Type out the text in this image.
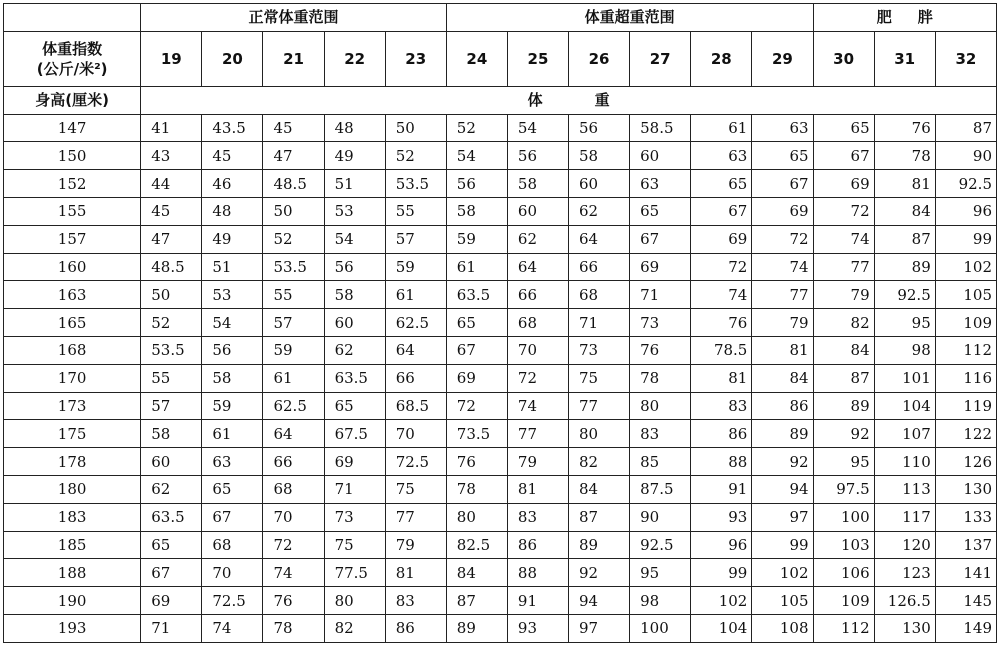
	正常体重范围					体重超重范围						肥胖		

体重指数
(公斤/米²)	19	20	21	22	23	24	25	26	27	28	29	30	31	32
身高(厘米)	体重													
147	41	43.5	45	48	50	52	54	56	58.5	61	63	65	76	87
150	43	45	47	49	52	54	56	58	60	63	65	67	78	90
152	44	46	48.5	51	53.5	56	58	60	63	65	67	69	81	92.5
155	45	48	50	53	55	58	60	62	65	67	69	72	84	96
157	47	49	52	54	57	59	62	64	67	69	72	74	87	99
160	48.5	51	53.5	56	59	61	64	66	69	72	74	77	89	102
163	50	53	55	58	61	63.5	66	68	71	74	77	79	92.5	105
165	52	54	57	60	62.5	65	68	71	73	76	79	82	95	109
168	53.5	56	59	62	64	67	70	73	76	78.5	81	84	98	112
170	55	58	61	63.5	66	69	72	75	78	81	84	87	101	116
173	57	59	62.5	65	68.5	72	74	77	80	83	86	89	104	119
175	58	61	64	67.5	70	73.5	77	80	83	86	89	92	107	122
178	60	63	66	69	72.5	76	79	82	85	88	92	95	110	126
180	62	65	68	71	75	78	81	84	87.5	91	94	97.5	113	130
183	63.5	67	70	73	77	80	83	87	90	93	97	100	117	133
185	65	68	72	75	79	82.5	86	89	92.5	96	99	103	120	137
188	67	70	74	77.5	81	84	88	92	95	99	102	106	123	141
190	69	72.5	76	80	83	87	91	94	98	102	105	109	126.5	145
193	71	74	78	82	86	89	93	97	100	104	108	112	130	149
